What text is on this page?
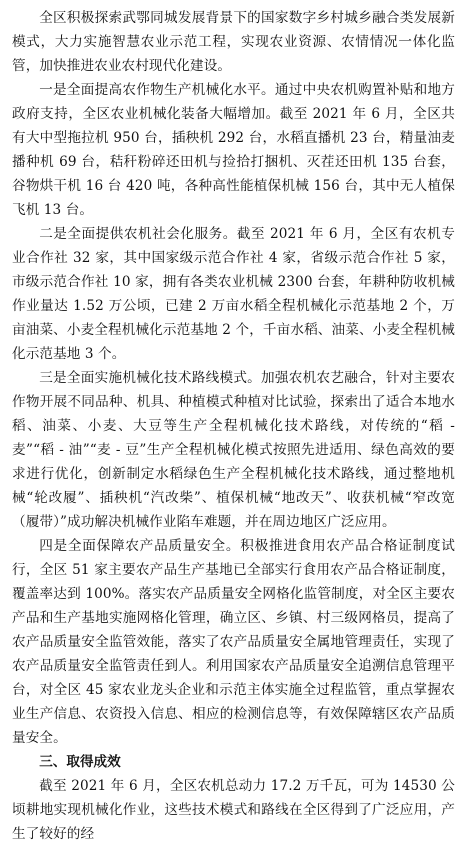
全区积极探索武鄂同城发展背景下的国家数字乡村城乡融合类发展新模式，大力实施智慧农业示范工程，实现农业资源、农情情况一体化监管，加快推进农业农村现代化建设。

一是全面提高农作物生产机械化水平。通过中央农机购置补贴和地方政府支持，全区农业机械化装备大幅增加。截至 2021 年 6 月，全区共有大中型拖拉机 950 台，插秧机 292 台，水稻直播机 23 台，精量油麦播种机 69 台，秸秆粉碎还田机与捡拾打捆机、灭茬还田机 135 台套，谷物烘干机 16 台 420 吨，各种高性能植保机械 156 台，其中无人植保飞机 13 台。

二是全面提供农机社会化服务。截至 2021 年 6 月，全区有农机专业合作社 32 家，其中国家级示范合作社 4 家，省级示范合作社 5 家，市级示范合作社 10 家，拥有各类农业机械 2300 台套，年耕种防收机械作业量达 1.52 万公顷，已建 2 万亩水稻全程机械化示范基地 2 个，万亩油菜、小麦全程机械化示范基地 2 个，千亩水稻、油菜、小麦全程机械化示范基地 3 个。

三是全面实施机械化技术路线模式。加强农机农艺融合，针对主要农作物开展不同品种、机具、种植模式种植对比试验，探索出了适合本地水稻、油菜、小麦、大豆等生产全程机械化技术路线，对传统的“稻 - 麦”“稻 - 油”“麦 - 豆”生产全程机械化模式按照先进适用、绿色高效的要求进行优化，创新制定水稻绿色生产全程机械化技术路线，通过整地机械“轮改履”、插秧机“汽改柴”、植保机械“地改天”、收获机械“窄改宽（履带）”成功解决机械作业陷车难题，并在周边地区广泛应用。

四是全面保障农产品质量安全。积极推进食用农产品合格证制度试行，全区 51 家主要农产品生产基地已全部实行食用农产品合格证制度，覆盖率达到 100%。落实农产品质量安全网格化监管制度，对全区主要农产品和生产基地实施网格化管理，确立区、乡镇、村三级网格员，提高了农产品质量安全监管效能，落实了农产品质量安全属地管理责任，实现了农产品质量安全监管责任到人。利用国家农产品质量安全追溯信息管理平台，对全区 45 家农业龙头企业和示范主体实施全过程监管，重点掌握农业生产信息、农资投入信息、相应的检测信息等，有效保障辖区农产品质量安全。

三、取得成效

截至 2021 年 6 月，全区农机总动力 17.2 万千瓦，可为 14530 公顷耕地实现机械化作业，这些技术模式和路线在全区得到了广泛应用，产生了较好的经
